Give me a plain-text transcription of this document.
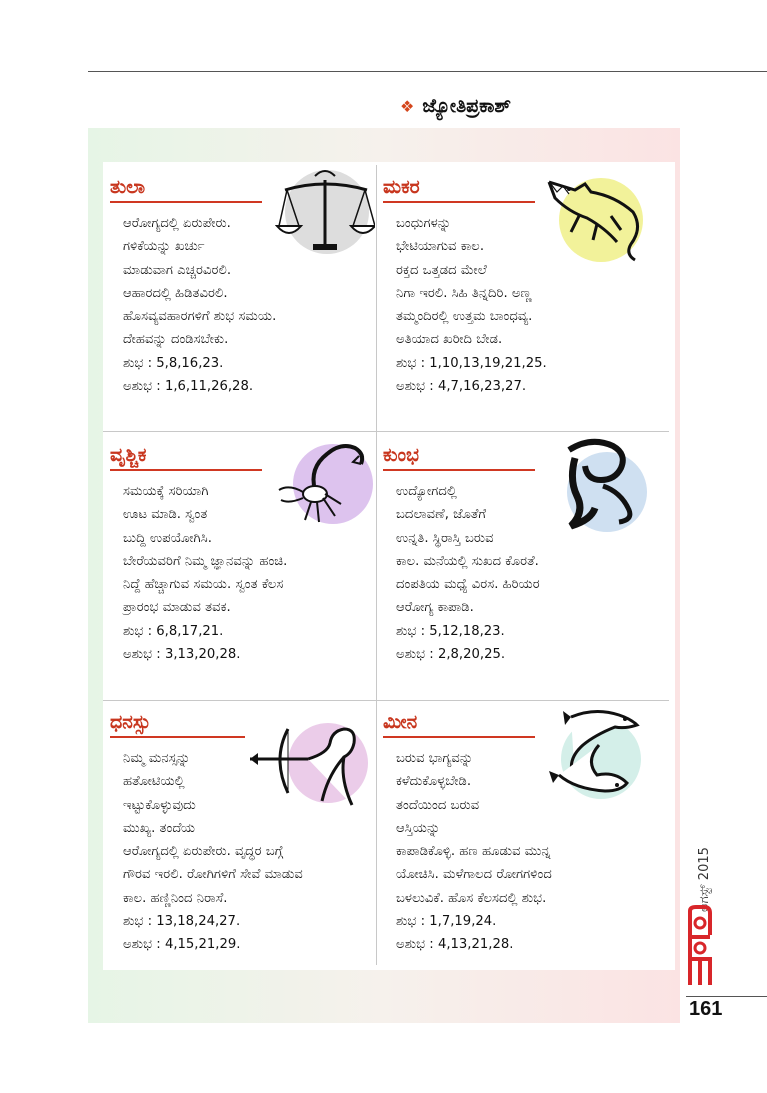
❖ ಜ್ಯೋತಿಪ್ರಕಾಶ್
ತುಲಾ
ಆರೋಗ್ಯದಲ್ಲಿ ಏರುಪೇರು.
ಗಳಿಕೆಯನ್ನು ಖರ್ಚು
ಮಾಡುವಾಗ ಎಚ್ಚರವಿರಲಿ.
ಆಹಾರದಲ್ಲಿ ಹಿಡಿತವಿರಲಿ.
ಹೊಸವ್ಯವಹಾರಗಳಿಗೆ ಶುಭ ಸಮಯ.
ದೇಹವನ್ನು ದಂಡಿಸಬೇಕು.
ಶುಭ : 5,8,16,23.
ಅಶುಭ : 1,6,11,26,28.
ಮಕರ
ಬಂಧುಗಳನ್ನು
ಭೇಟಿಯಾಗುವ ಕಾಲ.
ರಕ್ತದ ಒತ್ತಡದ ಮೇಲೆ
ನಿಗಾ ಇರಲಿ. ಸಿಹಿ ತಿನ್ನದಿರಿ. ಅಣ್ಣ
ತಮ್ಮಂದಿರಲ್ಲಿ ಉತ್ತಮ ಬಾಂಧವ್ಯ.
ಅತಿಯಾದ ಖರೀದಿ ಬೇಡ.
ಶುಭ : 1,10,13,19,21,25.
ಅಶುಭ : 4,7,16,23,27.
ವೃಶ್ಚಿಕ
ಸಮಯಕ್ಕೆ ಸರಿಯಾಗಿ
ಊಟ ಮಾಡಿ. ಸ್ವಂತ
ಬುದ್ದಿ ಉಪಯೋಗಿಸಿ.
ಬೇರೆಯವರಿಗೆ ನಿಮ್ಮ ಜ್ಞಾನವನ್ನು ಹಂಚಿ.
ನಿದ್ದೆ ಹೆಚ್ಚಾಗುವ ಸಮಯ. ಸ್ವಂತ ಕೆಲಸ
ಪ್ರಾರಂಭ ಮಾಡುವ ತವಕ.
ಶುಭ : 6,8,17,21.
ಅಶುಭ : 3,13,20,28.
ಕುಂಭ
ಉದ್ಯೋಗದಲ್ಲಿ
ಬದಲಾವಣೆ, ಜೊತೆಗೆ
ಉನ್ನತಿ. ಸ್ಥಿರಾಸ್ತಿ ಬರುವ
ಕಾಲ. ಮನೆಯಲ್ಲಿ ಸುಖದ ಕೊರತೆ.
ದಂಪತಿಯ ಮಧ್ಯೆ ವಿರಸ. ಹಿರಿಯರ
ಆರೋಗ್ಯ ಕಾಪಾಡಿ.
ಶುಭ : 5,12,18,23.
ಅಶುಭ : 2,8,20,25.
ಧನಸ್ಸು
ನಿಮ್ಮ ಮನಸ್ಸನ್ನು
ಹತೋಟಿಯಲ್ಲಿ
ಇಟ್ಟುಕೊಳ್ಳುವುದು
ಮುಖ್ಯ. ತಂದೆಯ
ಆರೋಗ್ಯದಲ್ಲಿ ಏರುಪೇರು. ವೃದ್ಧರ ಬಗ್ಗೆ
ಗೌರವ ಇರಲಿ. ರೋಗಿಗಳಿಗೆ ಸೇವೆ ಮಾಡುವ
ಕಾಲ. ಹಣ್ಣಿನಿಂದ ನಿರಾಸೆ.
ಶುಭ : 13,18,24,27.
ಅಶುಭ : 4,15,21,29.
ಮೀನ
ಬರುವ ಭಾಗ್ಯವನ್ನು
ಕಳೆದುಕೊಳ್ಳಬೇಡಿ.
ತಂದೆಯಿಂದ ಬರುವ
ಆಸ್ತಿಯನ್ನು
ಕಾಪಾಡಿಕೊಳ್ಳಿ. ಹಣ ಹೂಡುವ ಮುನ್ನ
ಯೋಚಿಸಿ. ಮಳೆಗಾಲದ ರೋಗಗಳಿಂದ
ಬಳಲುವಿಕೆ. ಹೊಸ ಕೆಲಸದಲ್ಲಿ ಶುಭ.
ಶುಭ : 1,7,19,24.
ಅಶುಭ : 4,13,21,28.
ಆಗಸ್ಟ್ 2015
161
